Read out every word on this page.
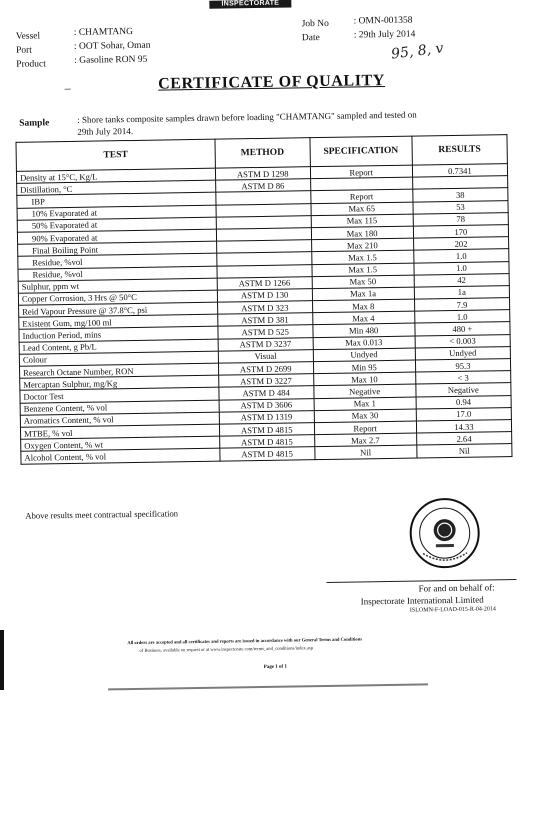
INSPECTORATE
Vessel	: CHAMTANG
Port	: OOT Sohar, Oman
Product	: Gasoline RON 95
Job No	: OMN-001358
Date	: 29th July 2014
95, 8, v
–	CERTIFICATE OF QUALITY
Sample	: Shore tanks composite samples drawn before loading "CHAMTANG" sampled and tested on 29th July 2014.
TEST	METHOD	SPECIFICATION	RESULTS
Density at 15°C, Kg/L	ASTM D 1298	Report	0.7341
Distillation, °C	ASTM D 86		
IBP		Report	38
10% Evaporated at		Max 65	53
50% Evaporated at		Max 115	78
90% Evaporated at		Max 180	170
Final Boiling Point		Max 210	202
Residue, %vol		Max 1.5	1.0
Residue, %vol		Max 1.5	1.0
Sulphur, ppm wt	ASTM D 1266	Max 50	42
Copper Corrosion, 3 Hrs @ 50°C	ASTM D 130	Max 1a	1a
Reid Vapour Pressure @ 37.8°C, psi	ASTM D 323	Max 8	7.9
Existent Gum, mg/100 ml	ASTM D 381	Max 4	1.0
Induction Period, mins	ASTM D 525	Min 480	480 +
Lead Content, g Pb/L	ASTM D 3237	Max 0.013	< 0.003
Colour	Visual	Undyed	Undyed
Research Octane Number, RON	ASTM D 2699	Min 95	95.3
Mercaptan Sulphur, mg/Kg	ASTM D 3227	Max 10	< 3
Doctor Test	ASTM D 484	Negative	Negative
Benzene Content, % vol	ASTM D 3606	Max 1	0.94
Aromatics Content, % vol	ASTM D 1319	Max 30	17.0
MTBE, % vol	ASTM D 4815	Report	14.33
Oxygen Content, % wt	ASTM D 4815	Max 2.7	2.64
Alcohol Content, % vol	ASTM D 4815	Nil	Nil
Above results meet contractual specification
For and on behalf of:
Inspectorate International Limited
ISLOMN-F-LOAD-015-R-04-2014
All orders are accepted and all certificates and reports are issued in accordance with our General Terms and Conditions
of Business, available on request or at www.inspectorate.com/terms_and_conditions/index.asp
Page 1 of 1
